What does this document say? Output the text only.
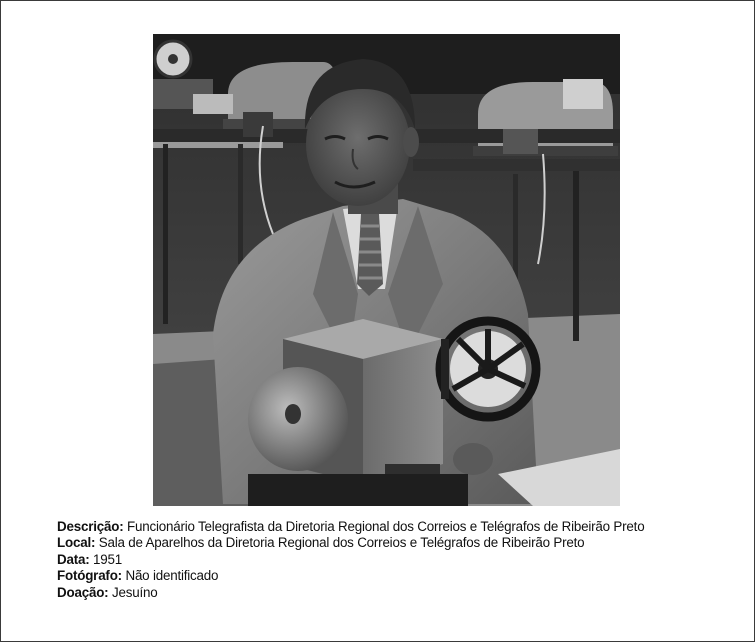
Descrição: Funcionário Telegrafista da Diretoria Regional dos Correios e Telégrafos de Ribeirão Preto
Local: Sala de Aparelhos da Diretoria Regional dos Correios e Telégrafos de Ribeirão Preto
Data: 1951
Fotógrafo: Não identificado
Doação: Jesuíno
